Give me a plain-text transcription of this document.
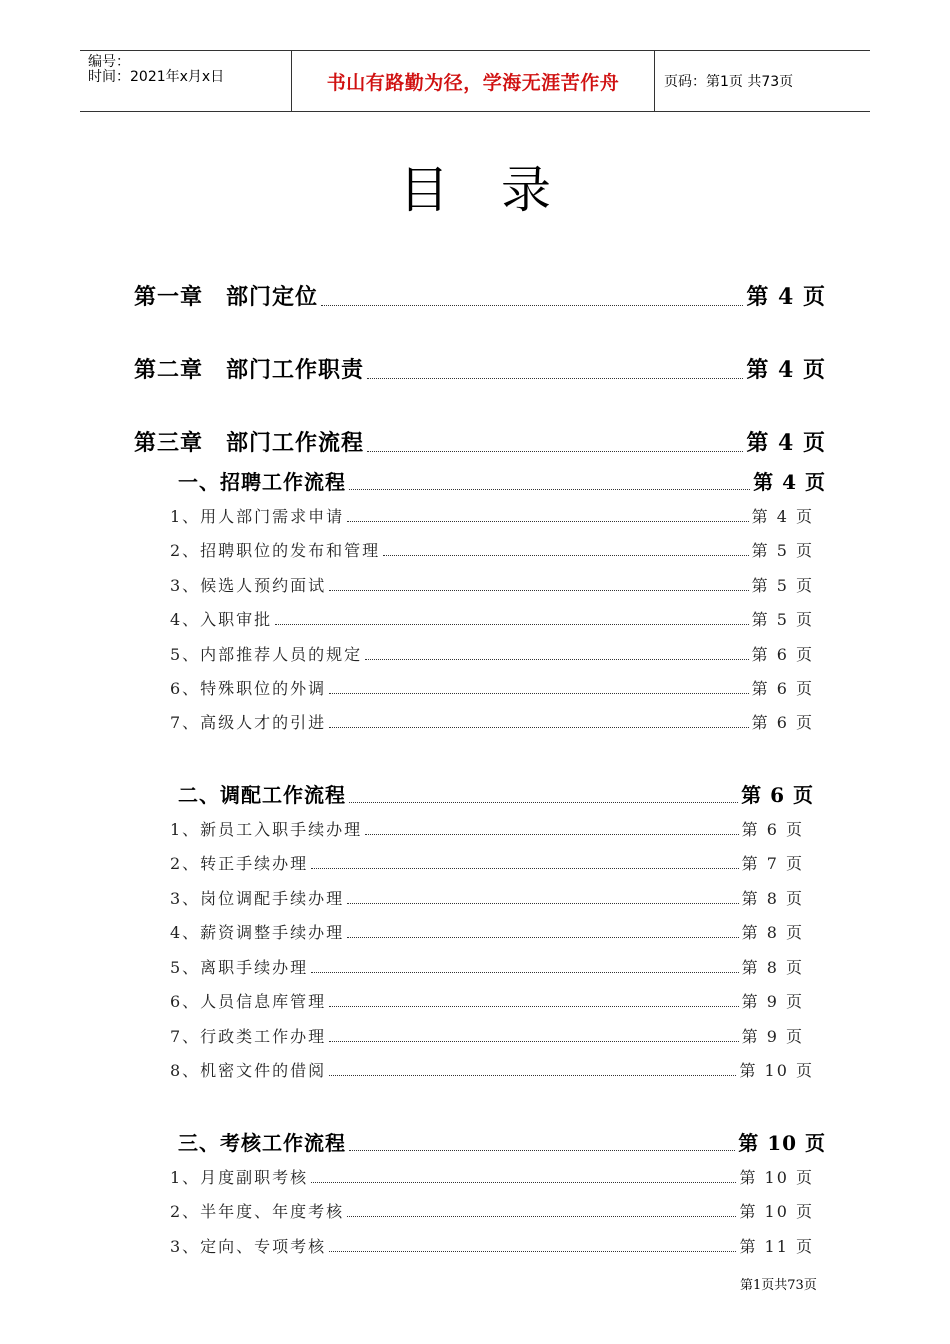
编号：
时间：2021年x月x日	书山有路勤为径，学海无涯苦作舟	页码：第1页 共73页
目录
第一章　部门定位	第 4 页
第二章　部门工作职责	第 4 页
第三章　部门工作流程	第 4 页
一、招聘工作流程	第 4 页
1、用人部门需求申请	第 4 页
2、招聘职位的发布和管理	第 5 页
3、候选人预约面试	第 5 页
4、入职审批	第 5 页
5、内部推荐人员的规定	第 6 页
6、特殊职位的外调	第 6 页
7、高级人才的引进	第 6 页
二、调配工作流程	第 6 页
1、新员工入职手续办理	第 6 页
2、转正手续办理	第 7 页
3、岗位调配手续办理	第 8 页
4、薪资调整手续办理	第 8 页
5、离职手续办理	第 8 页
6、人员信息库管理	第 9 页
7、行政类工作办理	第 9 页
8、机密文件的借阅	第 10 页
三、考核工作流程	第 10 页
1、月度副职考核	第 10 页
2、半年度、年度考核	第 10 页
3、定向、专项考核	第 11 页
第1页共73页
